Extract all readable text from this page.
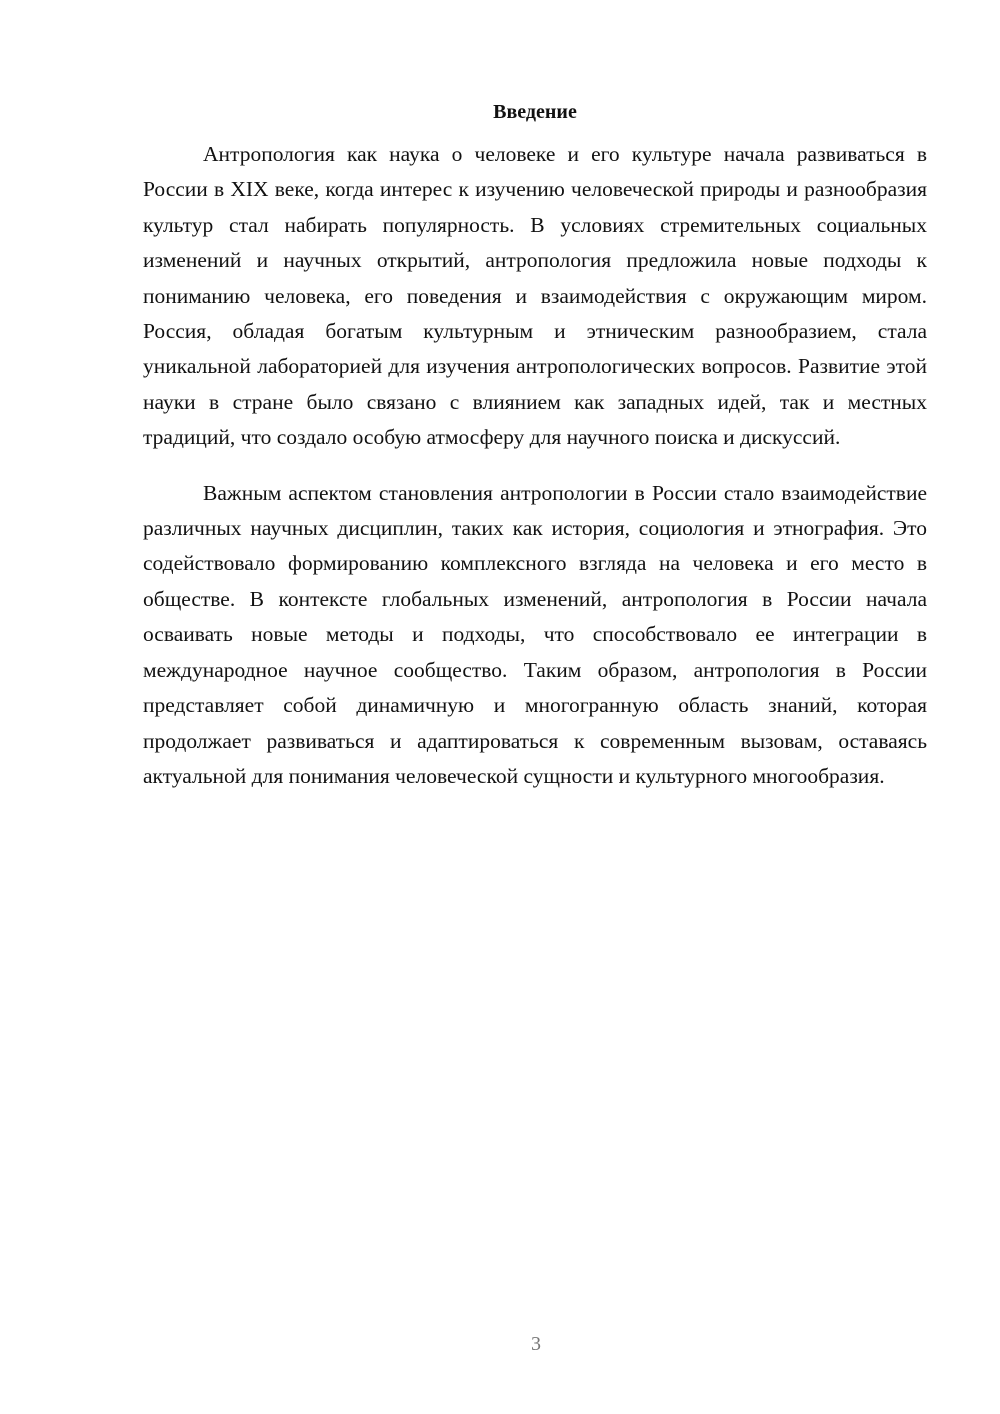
Введение

Антропология как наука о человеке и его культуре начала развиваться в России в XIX веке, когда интерес к изучению человеческой природы и разнообразия культур стал набирать популярность. В условиях стремительных социальных изменений и научных открытий, антропология предложила новые подходы к пониманию человека, его поведения и взаимодействия с окружающим миром. Россия, обладая богатым культурным и этническим разнообразием, стала уникальной лабораторией для изучения антропологических вопросов. Развитие этой науки в стране было связано с влиянием как западных идей, так и местных традиций, что создало особую атмосферу для научного поиска и дискуссий.

Важным аспектом становления антропологии в России стало взаимодействие различных научных дисциплин, таких как история, социология и этнография. Это содействовало формированию комплексного взгляда на человека и его место в обществе. В контексте глобальных изменений, антропология в России начала осваивать новые методы и подходы, что способствовало ее интеграции в международное научное сообщество. Таким образом, антропология в России представляет собой динамичную и многогранную область знаний, которая продолжает развиваться и адаптироваться к современным вызовам, оставаясь актуальной для понимания человеческой сущности и культурного многообразия.

3
